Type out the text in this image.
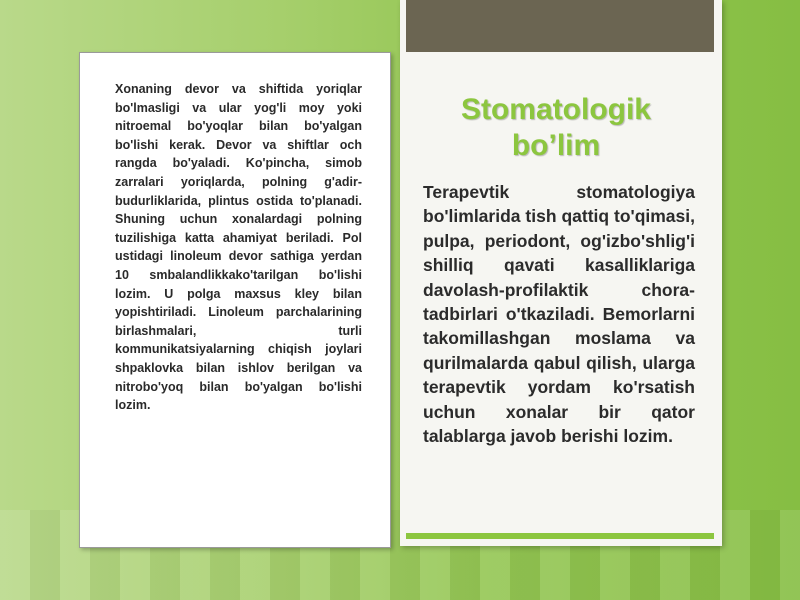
Xonaning devor va shiftida yoriqlar bo'lmasligi va ular yog'li moy yoki nitroemal bo'yoqlar bilan bo'yalgan bo'lishi kerak. Devor va shiftlar och rangda bo'yaladi. Ko'pincha, simob zarralari yoriqlarda, polning g'adir-budurliklarida, plintus ostida to'planadi. Shuning uchun xonalardagi polning tuzilishiga katta ahamiyat beriladi. Pol ustidagi linoleum devor sathiga yerdan 10 smbalandlikkako'tarilgan bo'lishi lozim. U polga maxsus kley bilan yopishtiriladi. Linoleum parchalarining birlashmalari, turli kommunikatsiyalarning chiqish joylari shpaklovka bilan ishlov berilgan va nitrobo'yoq bilan bo'yalgan bo'lishi lozim.

Stomatologik
bo’lim

Terapevtik stomatologiya bo'limlarida tish qattiq to'qimasi, pulpa, periodont, og'izbo'shlig'i shilliq qavati kasalliklariga davolash-profilaktik chora-tadbirlari o'tkaziladi. Bemorlarni takomillashgan moslama va qurilmalarda qabul qilish, ularga terapevtik yordam ko'rsatish uchun xonalar bir qator talablarga javob berishi lozim.
